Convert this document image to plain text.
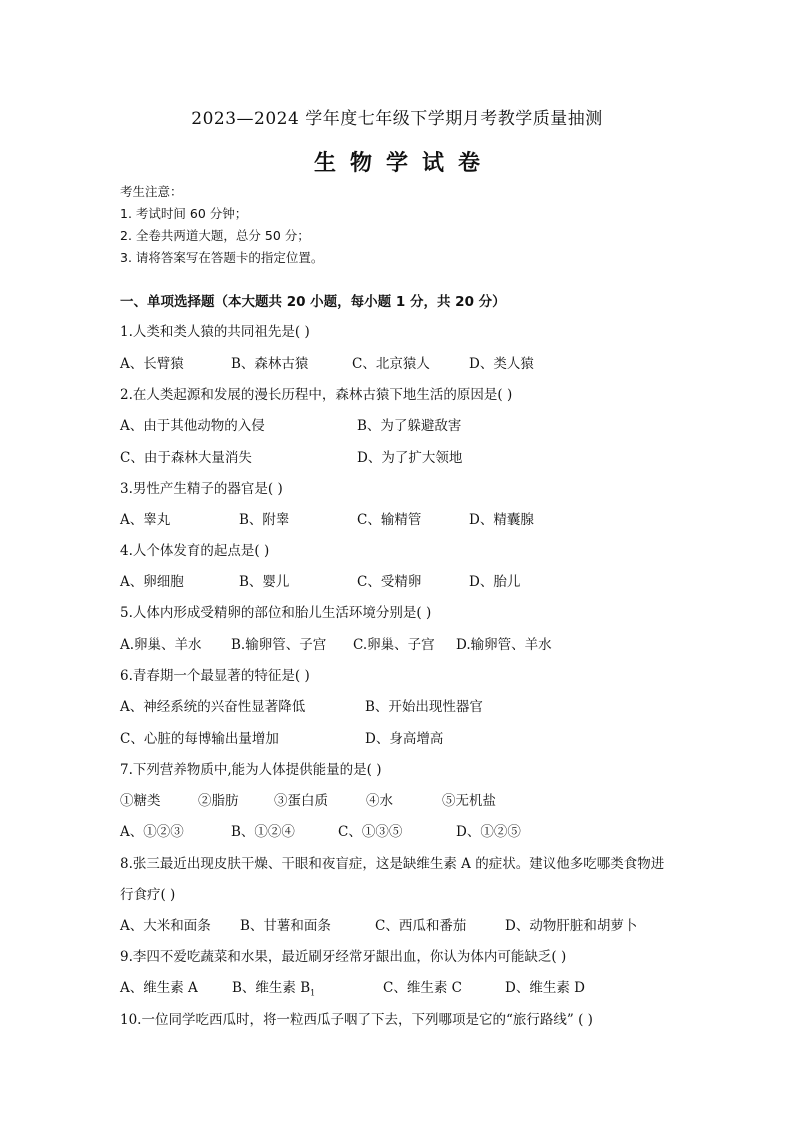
2023—2024 学年度七年级下学期月考教学质量抽测
生物学试卷
考生注意：
1. 考试时间 60 分钟；
2. 全卷共两道大题，总分 50 分；
3. 请将答案写在答题卡的指定位置。
一、单项选择题（本大题共 20 小题，每小题 1 分，共 20 分）
1.人类和类人猿的共同祖先是( )
A、长臂猿	B、森林古猿	C、北京猿人	D、类人猿
2.在人类起源和发展的漫长历程中，森林古猿下地生活的原因是( )
A、由于其他动物的入侵	B、为了躲避敌害
C、由于森林大量消失	D、为了扩大领地
3.男性产生精子的器官是( )
A、睾丸	B、附睾	C、输精管	D、精囊腺
4.人个体发育的起点是( )
A、卵细胞	B、婴儿	C、受精卵	D、胎儿
5.人体内形成受精卵的部位和胎儿生活环境分别是( )
A.卵巢、羊水 B.输卵管、子宫 C.卵巢、子宫 D.输卵管、羊水
6.青春期一个最显著的特征是( )
A、神经系统的兴奋性显著降低	B、开始出现性器官
C、心脏的每博输出量增加	D、身高增高
7.下列营养物质中,能为人体提供能量的是( )
①糖类	②脂肪	③蛋白质	④水	⑤无机盐
A、①②③	B、①②④	C、①③⑤	D、①②⑤
8.张三最近出现皮肤干燥、干眼和夜盲症，这是缺维生素 A 的症状。建议他多吃哪类食物进
行食疗( )
A、大米和面条 B、甘薯和面条	C、西瓜和番茄	D、动物肝脏和胡萝卜
9.李四不爱吃蔬菜和水果，最近刷牙经常牙龈出血，你认为体内可能缺乏( )
A、维生素 A	B、维生素 $B_1$	C、维生素 C	D、维生素 D
10.一位同学吃西瓜时，将一粒西瓜子咽了下去，下列哪项是它的“旅行路线” ( )
